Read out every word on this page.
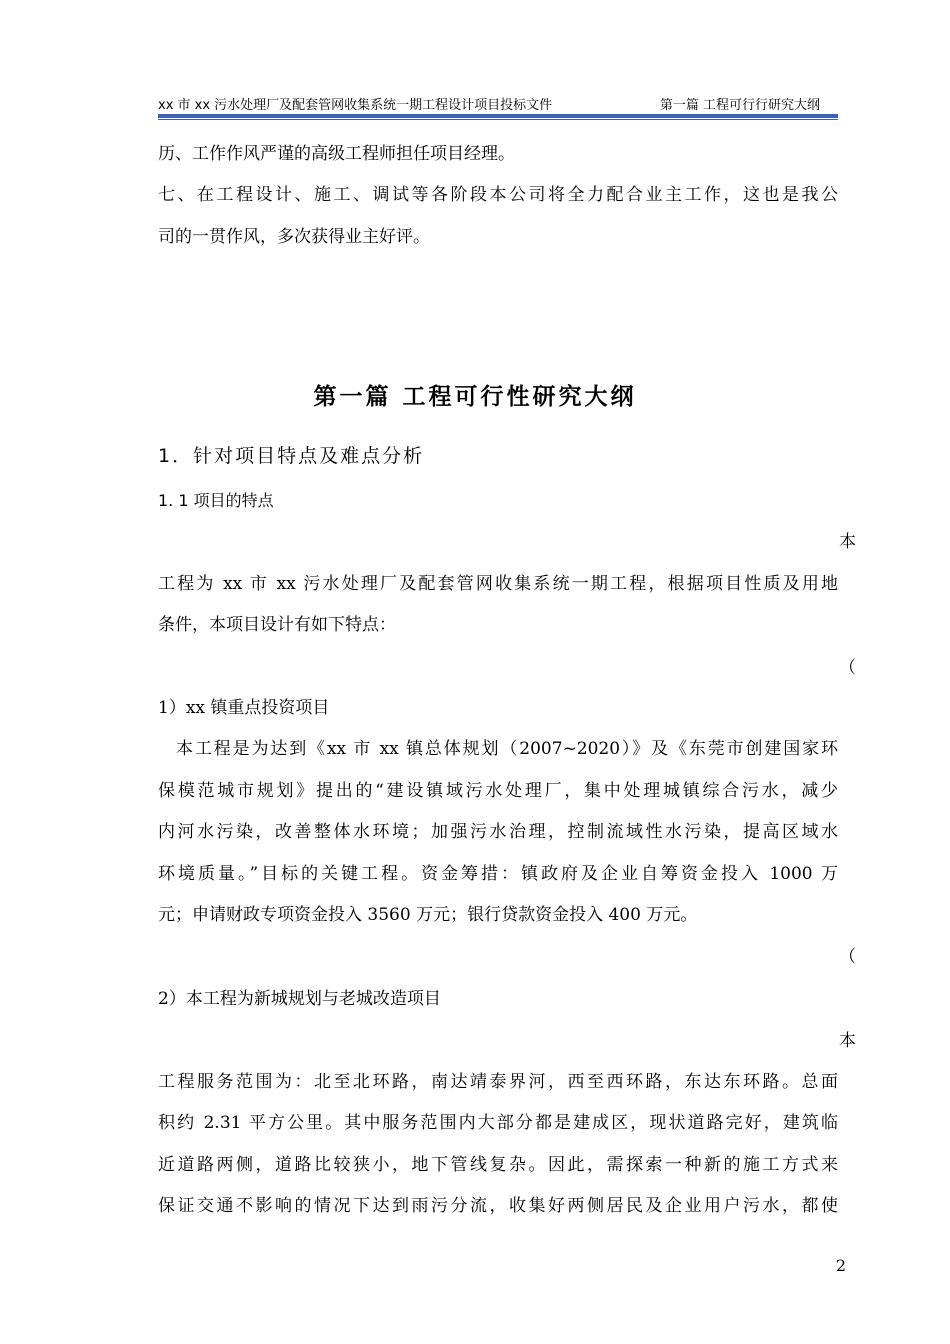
xx 市 xx 污水处理厂及配套管网收集系统一期工程设计项目投标文件	第一篇 工程可行行研究大纲
历、工作作风严谨的高级工程师担任项目经理。
七、在工程设计、施工、调试等各阶段本公司将全力配合业主工作，这也是我公
司的一贯作风，多次获得业主好评。
第一篇 工程可行性研究大纲
1．针对项目特点及难点分析
1. 1 项目的特点
本
工程为 xx 市 xx 污水处理厂及配套管网收集系统一期工程，根据项目性质及用地
条件，本项目设计有如下特点：
（
1）xx 镇重点投资项目
本工程是为达到《xx 市 xx 镇总体规划（2007~2020）》及《东莞市创建国家环
保模范城市规划》提出的“建设镇域污水处理厂，集中处理城镇综合污水，减少
内河水污染，改善整体水环境；加强污水治理，控制流域性水污染，提高区域水
环境质量。”目标的关键工程。资金筹措：镇政府及企业自筹资金投入 1000 万
元；申请财政专项资金投入 3560 万元；银行贷款资金投入 400 万元。
（
2）本工程为新城规划与老城改造项目
本
工程服务范围为：北至北环路，南达靖泰界河，西至西环路，东达东环路。总面
积约 2.31 平方公里。其中服务范围内大部分都是建成区，现状道路完好，建筑临
近道路两侧，道路比较狭小，地下管线复杂。因此，需探索一种新的施工方式来
保证交通不影响的情况下达到雨污分流，收集好两侧居民及企业用户污水，都使
2
